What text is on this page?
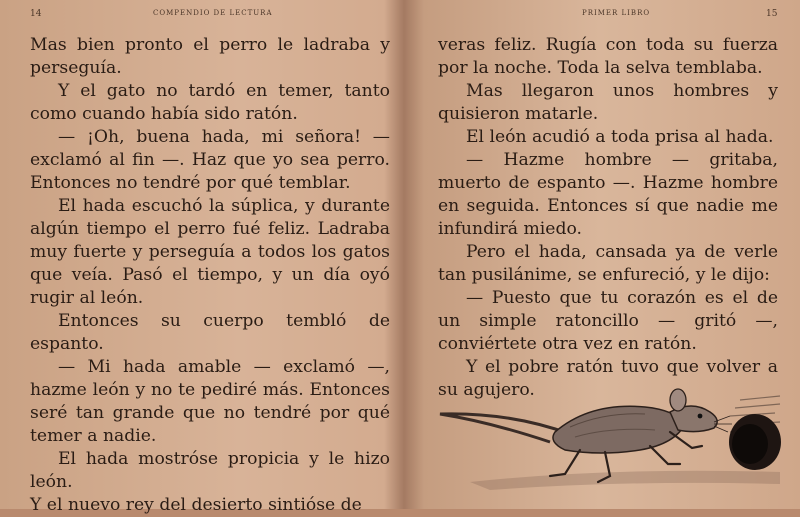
14	COMPENDIO DE LECTURA

Mas bien pronto el perro le ladraba y perseguía.

Y el gato no tardó en temer, tanto como cuando había sido ratón.

— ¡Oh, buena hada, mi señora! — exclamó al fin —. Haz que yo sea perro. Entonces no tendré por qué temblar.

El hada escuchó la súplica, y durante algún tiempo el perro fué feliz. Ladraba muy fuerte y perseguía a todos los gatos que veía. Pasó el tiempo, y un día oyó rugir al león.

Entonces su cuerpo tembló de espanto.

— Mi hada amable — exclamó —, hazme león y no te pediré más. Entonces seré tan grande que no tendré por qué temer a nadie.

El hada mostróse propicia y le hizo león.

Y el nuevo rey del desierto sintióse de

PRIMER LIBRO	15

veras feliz. Rugía con toda su fuerza por la noche. Toda la selva temblaba.

Mas llegaron unos hombres y quisieron matarle.

El león acudió a toda prisa al hada.

— Hazme hombre — gritaba, muerto de espanto —. Hazme hombre en seguida. Entonces sí que nadie me infundirá miedo.

Pero el hada, cansada ya de verle tan pusilánime, se enfureció, y le dijo:

— Puesto que tu corazón es el de un simple ratoncillo — gritó —, conviértete otra vez en ratón.

Y el pobre ratón tuvo que volver a su agujero.
